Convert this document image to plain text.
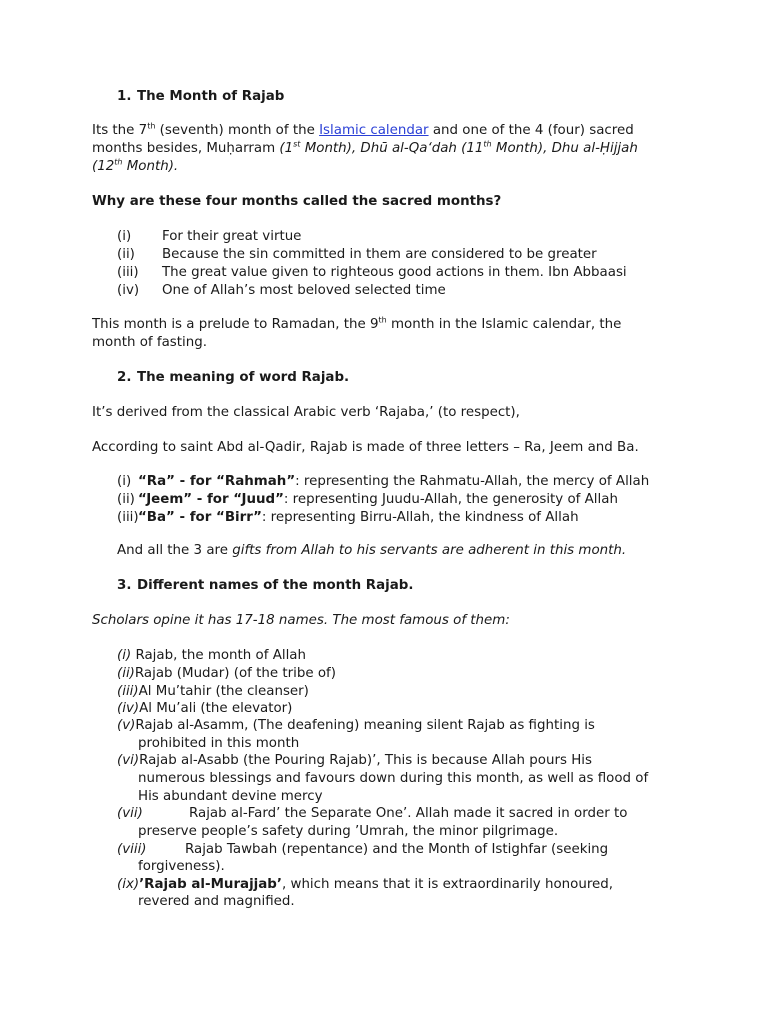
1. The Month of Rajab
Its the 7th (seventh) month of the Islamic calendar and one of the 4 (four) sacred
months besides, Muḥarram (1st Month), Dhū al-Qa‘dah (11th Month), Dhu al-Ḥijjah
(12th Month).
Why are these four months called the sacred months?
(i) For their great virtue
(ii) Because the sin committed in them are considered to be greater
(iii) The great value given to righteous good actions in them. Ibn Abbaasi
(iv) One of Allah’s most beloved selected time
This month is a prelude to Ramadan, the 9th month in the Islamic calendar, the
month of fasting.
2. The meaning of word Rajab.
It’s derived from the classical Arabic verb ‘Rajaba,’ (to respect),
According to saint Abd al-Qadir, Rajab is made of three letters – Ra, Jeem and Ba.
(i) “Ra” - for “Rahmah”: representing the Rahmatu-Allah, the mercy of Allah
(ii) “Jeem” - for “Juud”: representing Juudu-Allah, the generosity of Allah
(iii)“Ba” - for “Birr”: representing Birru-Allah, the kindness of Allah
And all the 3 are gifts from Allah to his servants are adherent in this month.
3. Different names of the month Rajab.
Scholars opine it has 17-18 names. The most famous of them:
(i) Rajab, the month of Allah
(ii)Rajab (Mudar) (of the tribe of)
(iii)Al Mu’tahir (the cleanser)
(iv)Al Mu’ali (the elevator)
(v)Rajab al-Asamm, (The deafening) meaning silent Rajab as fighting is
prohibited in this month
(vi)Rajab al-Asabb (the Pouring Rajab)’, This is because Allah pours His
numerous blessings and favours down during this month, as well as flood of
His abundant devine mercy
(vii)	Rajab al-Fard’ the Separate One’. Allah made it sacred in order to
preserve people’s safety during ’Umrah, the minor pilgrimage.
(viii)	Rajab Tawbah (repentance) and the Month of Istighfar (seeking
forgiveness).
(ix)’Rajab al-Murajjab’, which means that it is extraordinarily honoured,
revered and magnified.
